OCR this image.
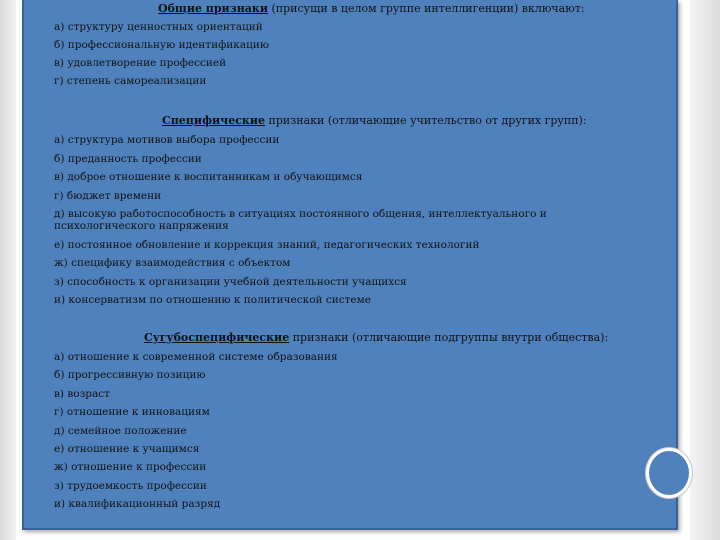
Общие признаки (присущи в целом группе интеллигенции) включают:

а) структуру ценностных ориентаций
б) профессиональную идентификацию
в) удовлетворение профессией
г) степень самореализации

Специфические признаки (отличающие учительство от других групп):

а) структура мотивов выбора профессии
б) преданность профессии
в) доброе отношение к воспитанникам и обучающимся
г) бюджет времени
д) высокую работоспособность в ситуациях постоянного общения, интеллектуального и психологического напряжения
е) постоянное обновление и коррекция знаний, педагогических технологий
ж) специфику взаимодействия с объектом
з) способность к организации учебной деятельности учащихся
и) консерватизм по отношению к политической системе

Сугубоспецифические признаки (отличающие подгруппы внутри общества):

а) отношение к современной системе образования
б) прогрессивную позицию
в) возраст
г) отношение к инновациям
д) семейное положение
е) отношение к учащимся
ж) отношение к профессии
з) трудоемкость профессии
и) квалификационный разряд
